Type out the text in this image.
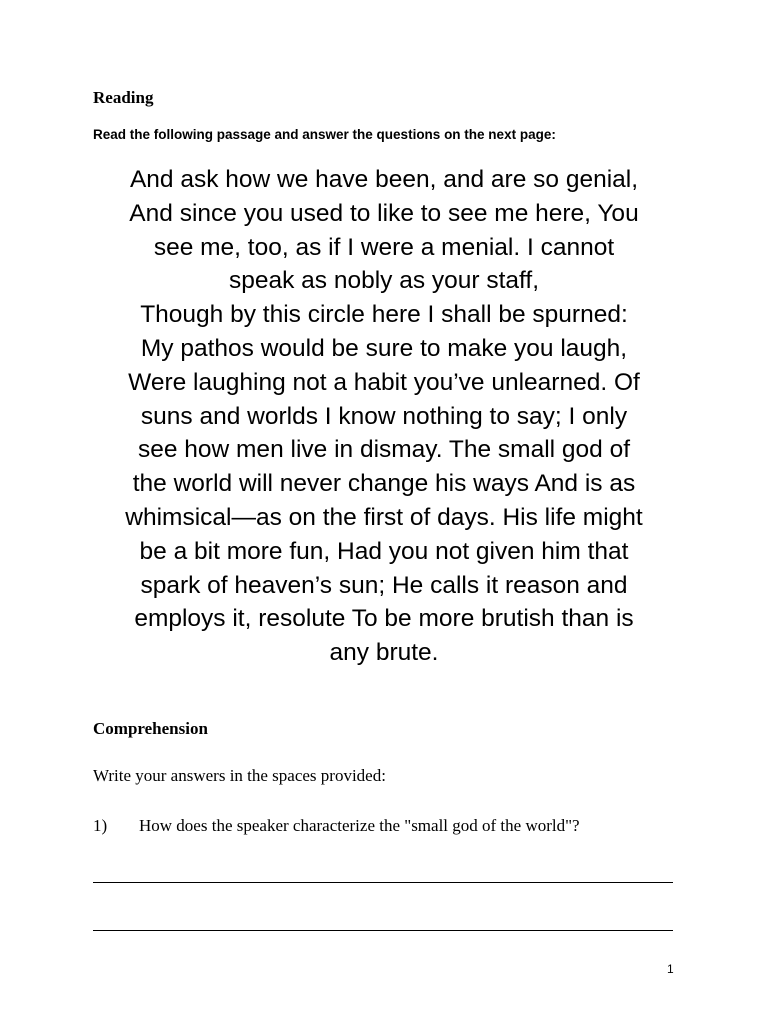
Reading

Read the following passage and answer the questions on the next page:

And ask how we have been, and are so genial,
And since you used to like to see me here, You
see me, too, as if I were a menial. I cannot
speak as nobly as your staff,
Though by this circle here I shall be spurned:
My pathos would be sure to make you laugh,
Were laughing not a habit you’ve unlearned. Of
suns and worlds I know nothing to say; I only
see how men live in dismay. The small god of
the world will never change his ways And is as
whimsical—as on the first of days. His life might
be a bit more fun, Had you not given him that
spark of heaven’s sun; He calls it reason and
employs it, resolute To be more brutish than is
any brute.

Comprehension

Write your answers in the spaces provided:

1)	How does the speaker characterize the "small god of the world"?

1
